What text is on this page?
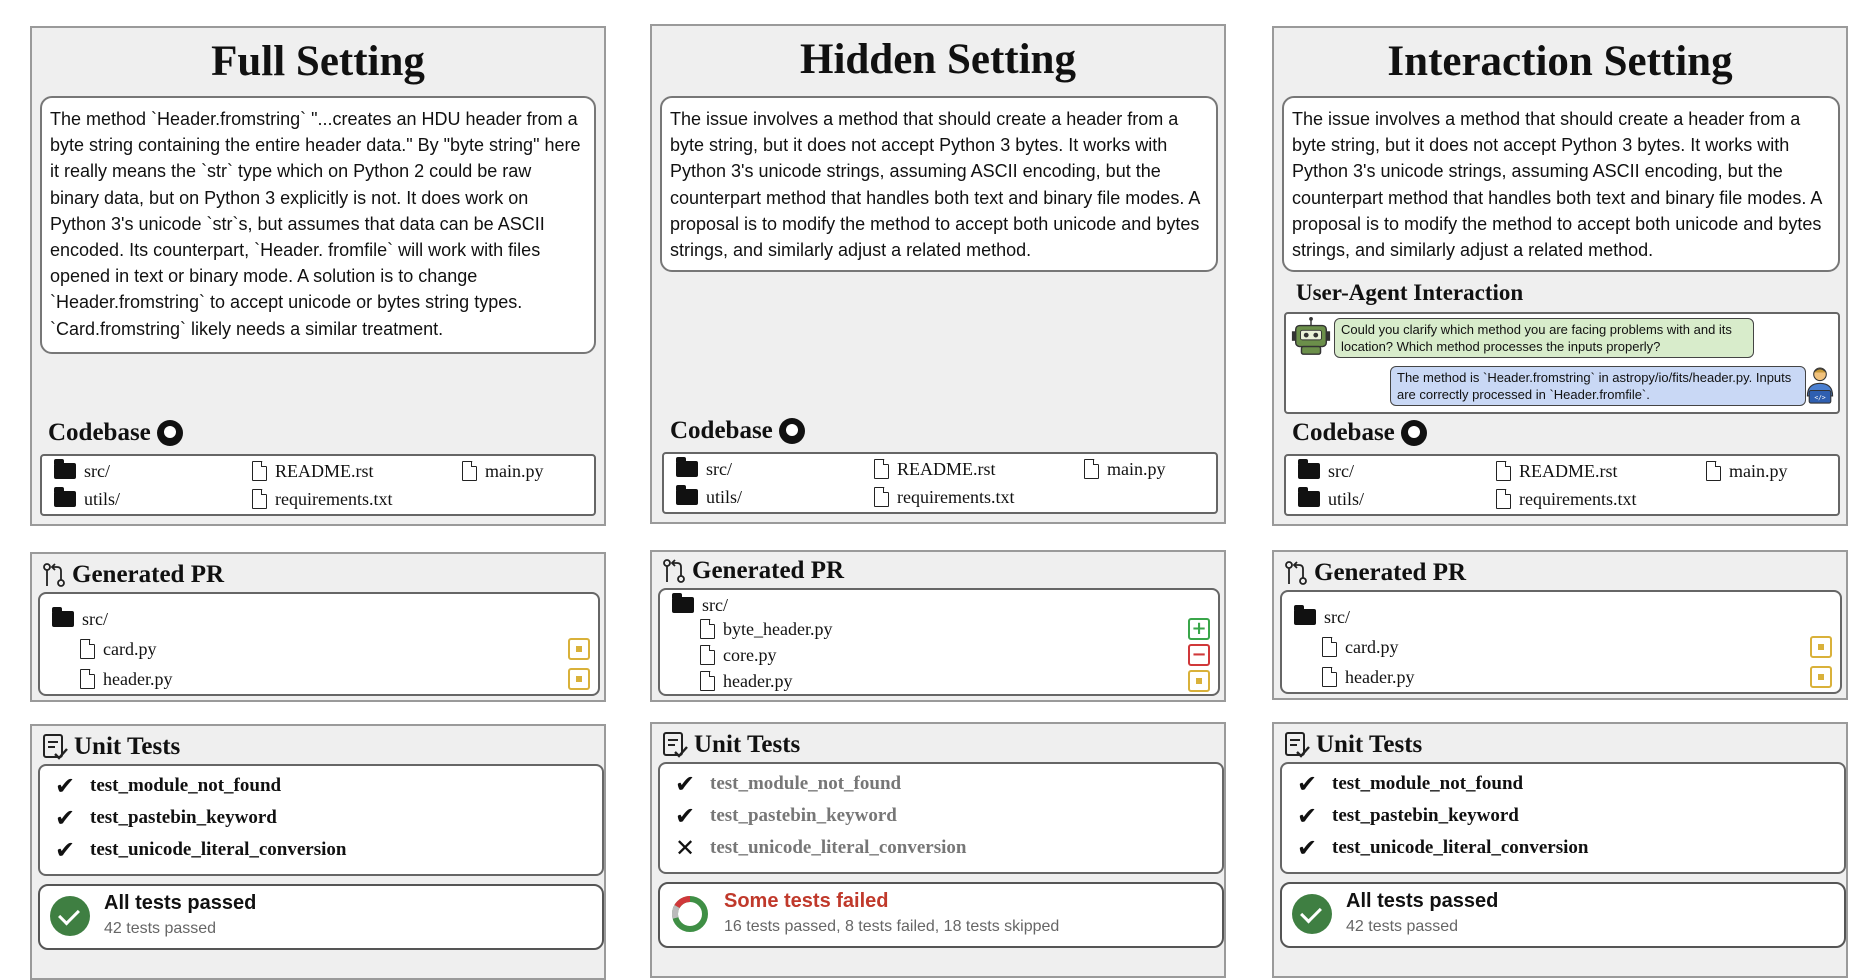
Full Setting
The method `Header.fromstring` "...creates an HDU header from a byte string containing the entire header data." By "byte string" here it really means the `str` type which on Python 2 could be raw binary data, but on Python 3 explicitly is not. It does work on Python 3's unicode `str`s, but assumes that data can be ASCII encoded. Its counterpart, `Header. fromfile` will work with files opened in text or binary mode. A solution is to change `Header.fromstring` to accept unicode or bytes string types. `Card.fromstring` likely needs a similar treatment.
Codebase
src/
utils/
README.rst
requirements.txt
main.py
Generated PR
src/
card.py
header.py
Unit Tests
✔ test_module_not_found
✔ test_pastebin_keyword
✔ test_unicode_literal_conversion
All tests passed
42 tests passed
Hidden Setting
The issue involves a method that should create a header from a byte string, but it does not accept Python 3 bytes. It works with Python 3's unicode strings, assuming ASCII encoding, but the counterpart method that handles both text and binary file modes. A proposal is to modify the method to accept both unicode and bytes strings, and similarly adjust a related method.
Codebase
src/
utils/
README.rst
requirements.txt
main.py
Generated PR
src/
byte_header.py
core.py
header.py
+
−
Unit Tests
✔ test_module_not_found
✔ test_pastebin_keyword
✕ test_unicode_literal_conversion
Some tests failed
16 tests passed, 8 tests failed, 18 tests skipped
Interaction Setting
The issue involves a method that should create a header from a byte string, but it does not accept Python 3 bytes. It works with Python 3's unicode strings, assuming ASCII encoding, but the counterpart method that handles both text and binary file modes. A proposal is to modify the method to accept both unicode and bytes strings, and similarly adjust a related method.
User-Agent Interaction
Could you clarify which method you are facing problems with and its location? Which method processes the inputs properly?
The method is `Header.fromstring` in astropy/io/fits/header.py. Inputs are correctly processed in `Header.fromfile`.	</>
Codebase
src/
utils/
README.rst
requirements.txt
main.py
Generated PR
src/
card.py
header.py
Unit Tests
✔ test_module_not_found
✔ test_pastebin_keyword
✔ test_unicode_literal_conversion
All tests passed
42 tests passed
